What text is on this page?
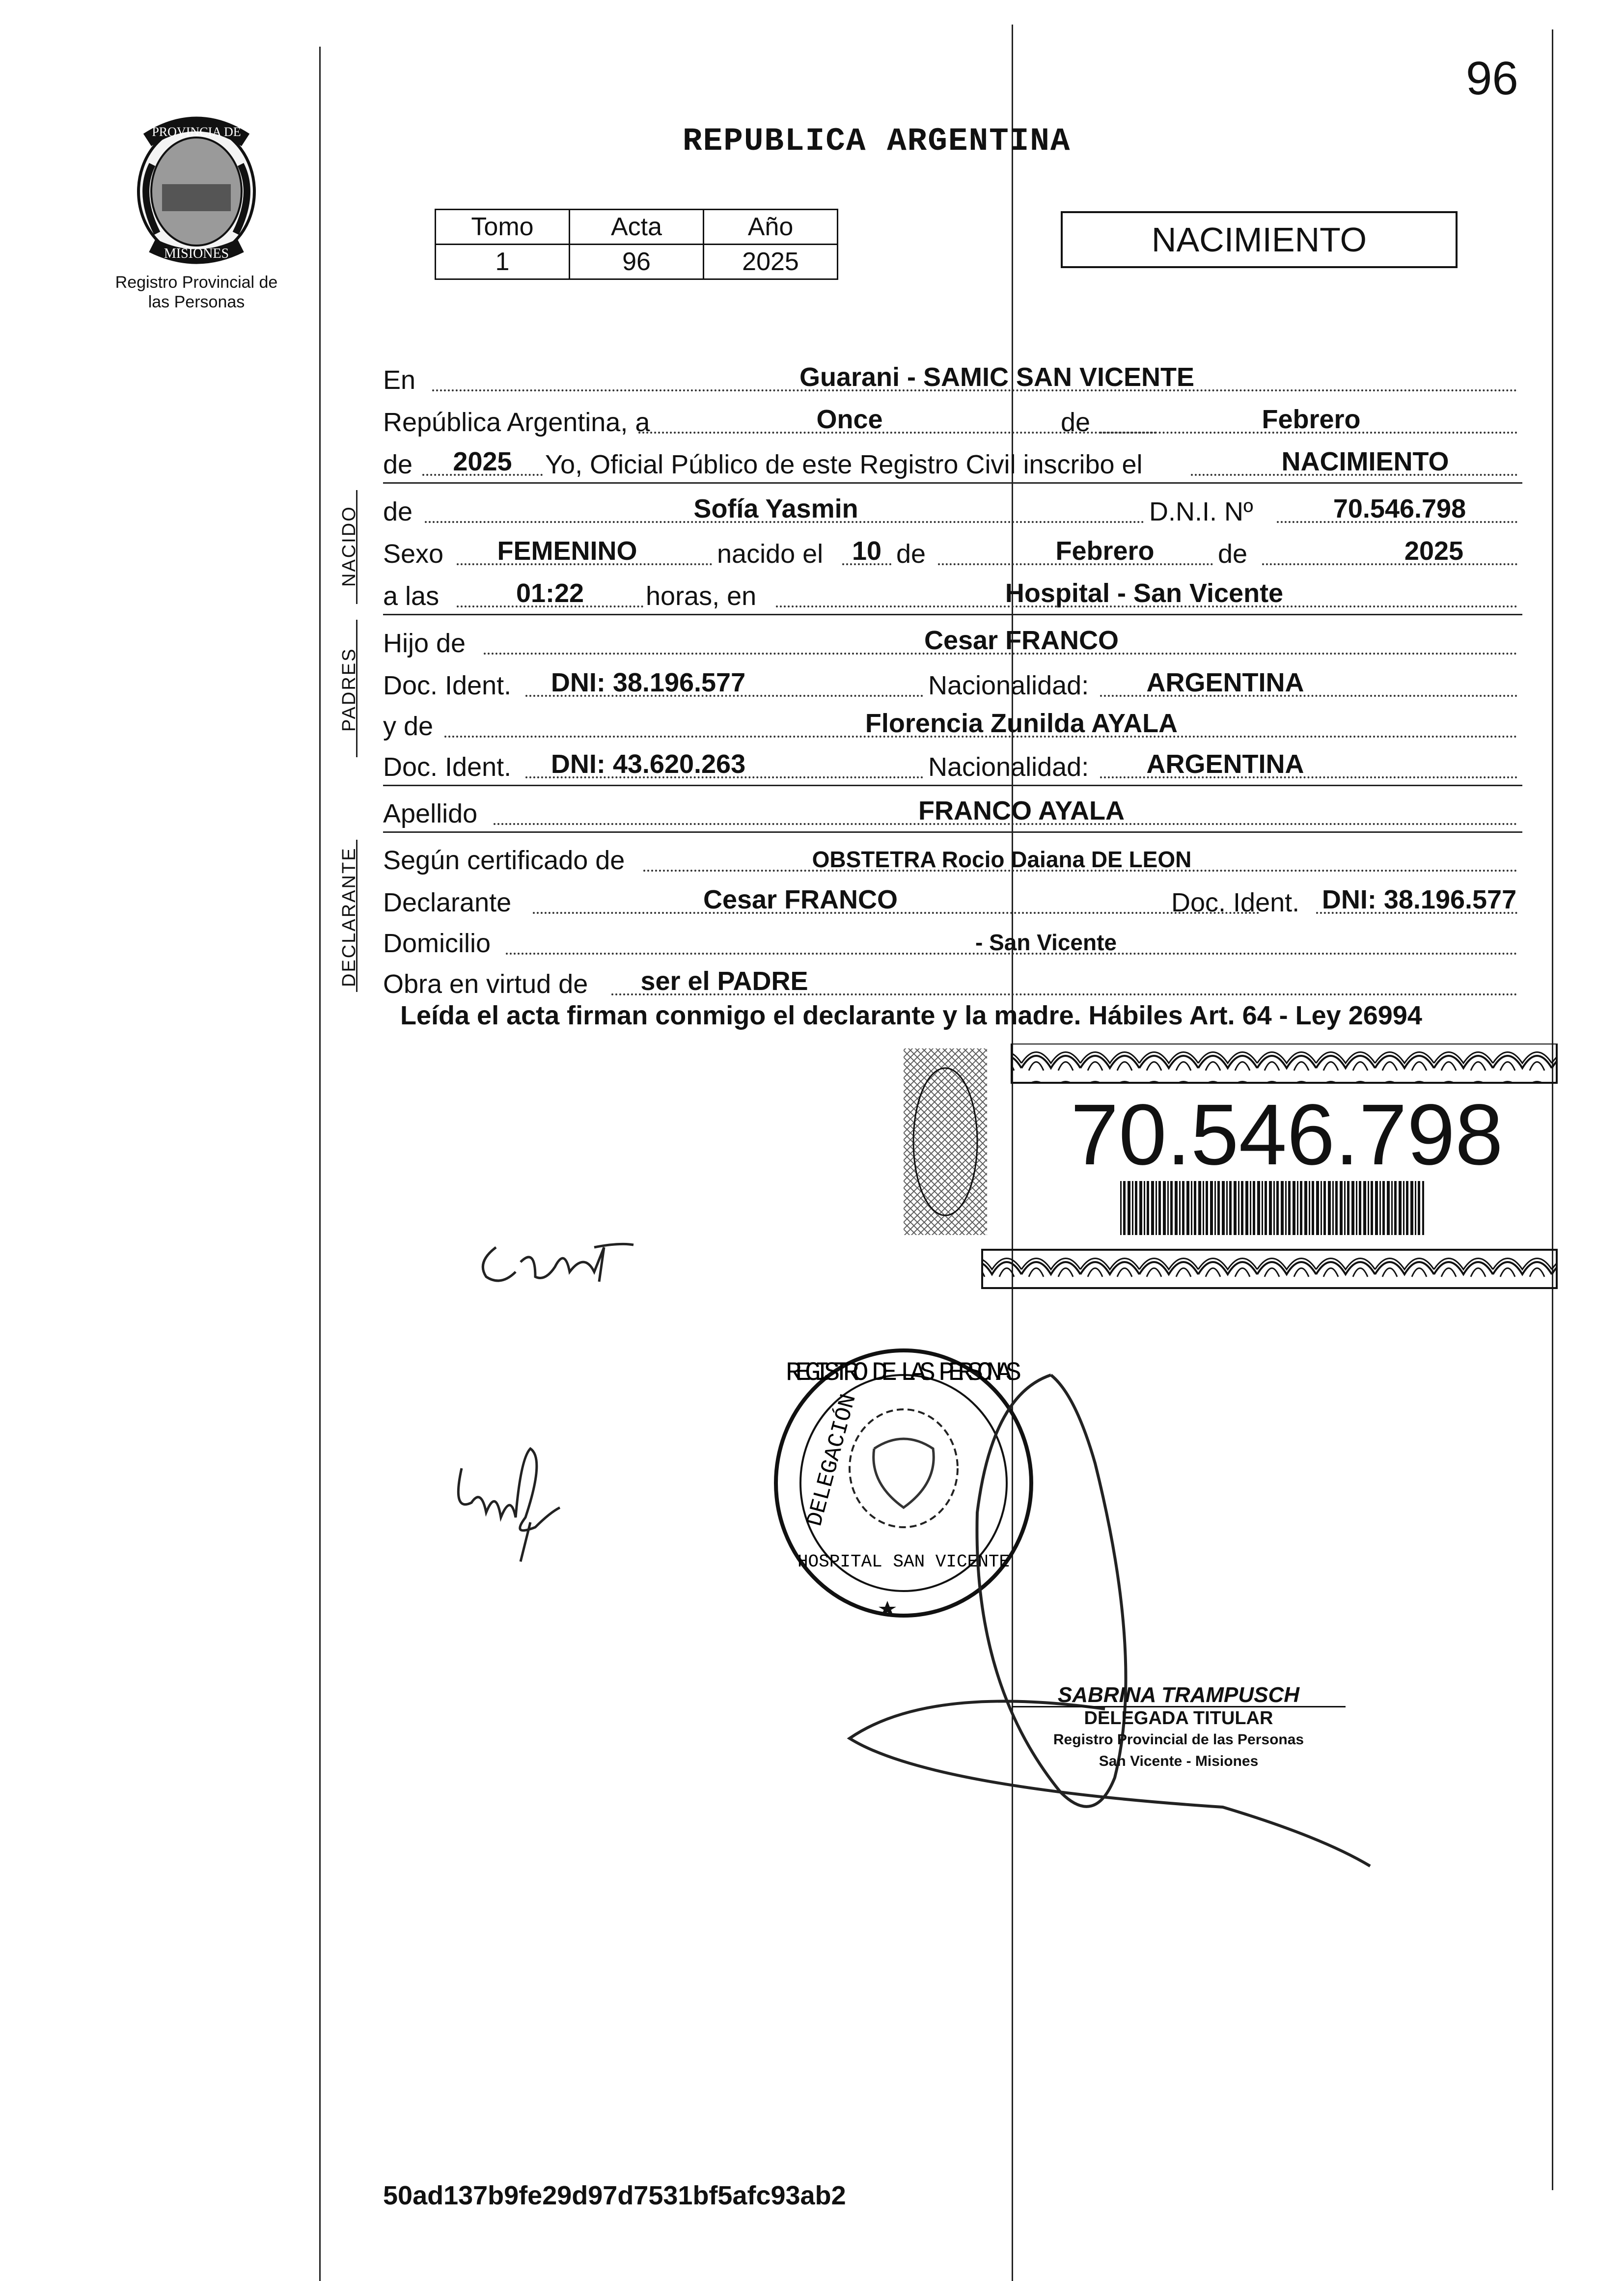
96
PROVINCIA DE
MISIONES
Registro Provincial de las Personas
REPUBLICA ARGENTINA
Tomo	Acta	Año
1	96	2025
NACIMIENTO
En	Guarani - SAMIC SAN VICENTE
República Argentina, a	Once	de	Febrero
de	2025	Yo, Oficial Público de este Registro Civil inscribo el	NACIMIENTO
NACIDO de	Sofía Yasmin	D.N.I. Nº	70.546.798
Sexo	FEMENINO	nacido el	10 de	Febrero	de	2025
a las	01:22	horas, en	Hospital - San Vicente
PADRES
Hijo de	Cesar FRANCO
Doc. Ident.	DNI: 38.196.577	Nacionalidad:	ARGENTINA
y de	Florencia Zunilda AYALA
Doc. Ident.	DNI: 43.620.263	Nacionalidad:	ARGENTINA
Apellido	FRANCO AYALA
DECLARANTE Según certificado de	OBSTETRA Rocio Daiana DE LEON
Declarante	Cesar FRANCO	Doc. Ident. DNI: 38.196.577
Domicilio	- San Vicente
Obra en virtud de	ser el PADRE
Leída el acta firman conmigo el declarante y la madre. Hábiles Art. 64 - Ley 26994
70.546.798
REGISTRO DE LAS PERSONAS
DELEGACIÓN
HOSPITAL SAN VICENTE
SABRINA TRAMPUSCH
DELEGADA TITULAR
Registro Provincial de las Personas
San Vicente - Misiones
50ad137b9fe29d97d7531bf5afc93ab2
